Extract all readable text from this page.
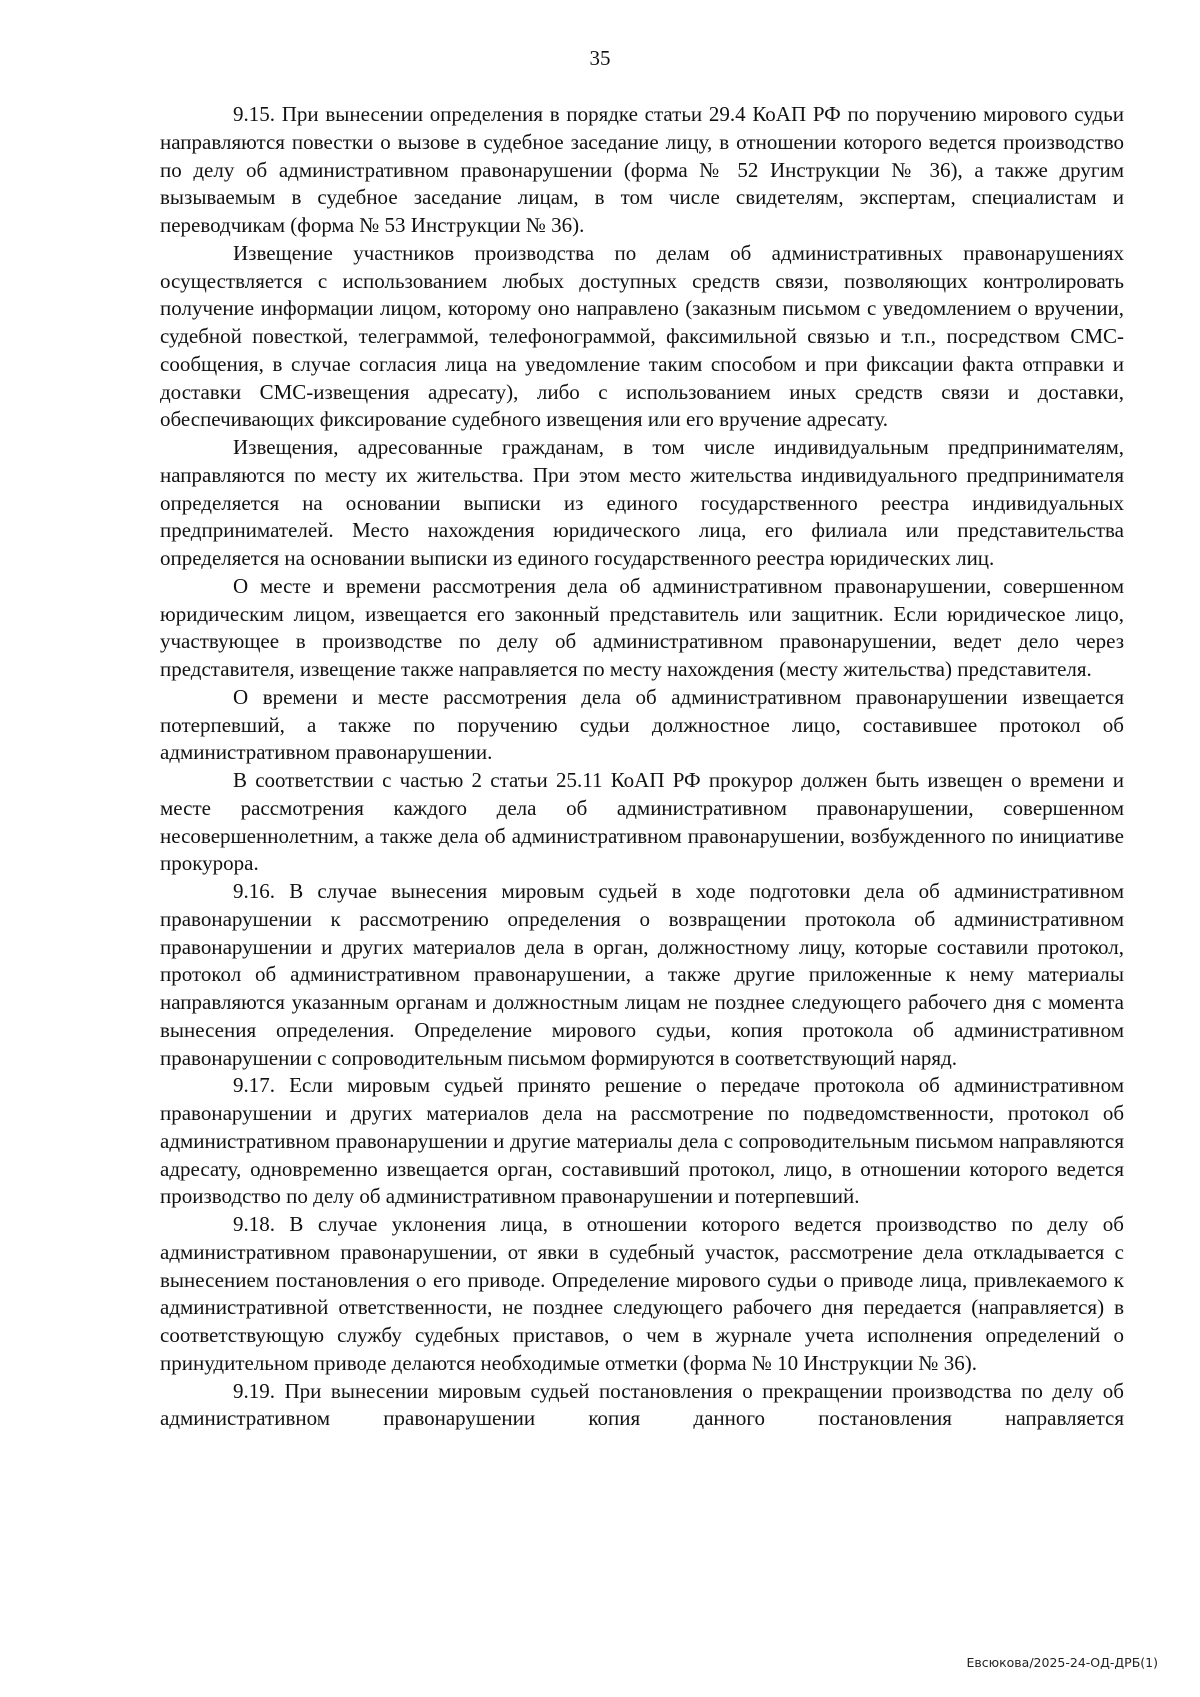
35

9.15. При вынесении определения в порядке статьи 29.4 КоАП РФ по поручению мирового судьи направляются повестки о вызове в судебное заседание лицу, в отношении которого ведется производство по делу об административном правонарушении (форма № 52 Инструкции № 36), а также другим вызываемым в судебное заседание лицам, в том числе свидетелям, экспертам, специалистам и переводчикам (форма № 53 Инструкции № 36).

Извещение участников производства по делам об административных правонарушениях осуществляется с использованием любых доступных средств связи, позволяющих контролировать получение информации лицом, которому оно направлено (заказным письмом с уведомлением о вручении, судебной повесткой, телеграммой, телефонограммой, факсимильной связью и т.п., посредством СМС-сообщения, в случае согласия лица на уведомление таким способом и при фиксации факта отправки и доставки СМС-извещения адресату), либо с использованием иных средств связи и доставки, обеспечивающих фиксирование судебного извещения или его вручение адресату.

Извещения, адресованные гражданам, в том числе индивидуальным предпринимателям, направляются по месту их жительства. При этом место жительства индивидуального предпринимателя определяется на основании выписки из единого государственного реестра индивидуальных предпринимателей. Место нахождения юридического лица, его филиала или представительства определяется на основании выписки из единого государственного реестра юридических лиц.

О месте и времени рассмотрения дела об административном правонарушении, совершенном юридическим лицом, извещается его законный представитель или защитник. Если юридическое лицо, участвующее в производстве по делу об административном правонарушении, ведет дело через представителя, извещение также направляется по месту нахождения (месту жительства) представителя.

О времени и месте рассмотрения дела об административном правонарушении извещается потерпевший, а также по поручению судьи должностное лицо, составившее протокол об административном правонарушении.

В соответствии с частью 2 статьи 25.11 КоАП РФ прокурор должен быть извещен о времени и месте рассмотрения каждого дела об административном правонарушении, совершенном несовершеннолетним, а также дела об административном правонарушении, возбужденного по инициативе прокурора.

9.16. В случае вынесения мировым судьей в ходе подготовки дела об административном правонарушении к рассмотрению определения о возвращении протокола об административном правонарушении и других материалов дела в орган, должностному лицу, которые составили протокол, протокол об административном правонарушении, а также другие приложенные к нему материалы направляются указанным органам и должностным лицам не позднее следующего рабочего дня с момента вынесения определения. Определение мирового судьи, копия протокола об административном правонарушении с сопроводительным письмом формируются в соответствующий наряд.

9.17. Если мировым судьей принято решение о передаче протокола об административном правонарушении и других материалов дела на рассмотрение по подведомственности, протокол об административном правонарушении и другие материалы дела с сопроводительным письмом направляются адресату, одновременно извещается орган, составивший протокол, лицо, в отношении которого ведется производство по делу об административном правонарушении и потерпевший.

9.18. В случае уклонения лица, в отношении которого ведется производство по делу об административном правонарушении, от явки в судебный участок, рассмотрение дела откладывается с вынесением постановления о его приводе. Определение мирового судьи о приводе лица, привлекаемого к административной ответственности, не позднее следующего рабочего дня передается (направляется) в соответствующую службу судебных приставов, о чем в журнале учета исполнения определений о принудительном приводе делаются необходимые отметки (форма № 10 Инструкции № 36).

9.19. При вынесении мировым судьей постановления о прекращении производства по делу об административном правонарушении копия данного постановления направляется

Евсюкова/2025-24-ОД-ДРБ(1)
